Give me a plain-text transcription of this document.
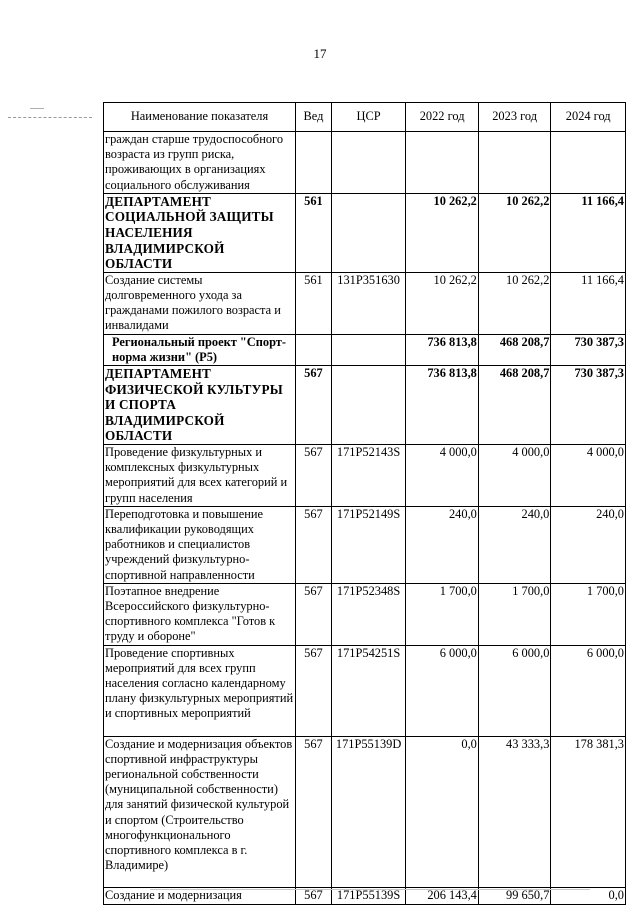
17
Наименование показателя	Вед	ЦСР	2022 год	2023 год	2024 год
граждан старше трудоспособного возраста из групп риска, проживающих в организациях социального обслуживания					
ДЕПАРТАМЕНТ СОЦИАЛЬНОЙ ЗАЩИТЫ НАСЕЛЕНИЯ ВЛАДИМИРСКОЙ ОБЛАСТИ	561		10 262,2	10 262,2	11 166,4
Создание системы долговременного ухода за гражданами пожилого возраста и инвалидами	561	131P351630	10 262,2	10 262,2	11 166,4
Региональный проект "Спорт-норма жизни" (P5)			736 813,8	468 208,7	730 387,3
ДЕПАРТАМЕНТ ФИЗИЧЕСКОЙ КУЛЬТУРЫ И СПОРТА ВЛАДИМИРСКОЙ ОБЛАСТИ	567		736 813,8	468 208,7	730 387,3
Проведение физкультурных и комплексных физкультурных мероприятий для всех категорий и групп населения	567	171P52143S	4 000,0	4 000,0	4 000,0
Переподготовка и повышение квалификации руководящих работников и специалистов учреждений физкультурно-спортивной направленности	567	171P52149S	240,0	240,0	240,0
Поэтапное внедрение Всероссийского физкультурно-спортивного комплекса "Готов к труду и обороне"	567	171P52348S	1 700,0	1 700,0	1 700,0
Проведение спортивных мероприятий для всех групп населения согласно календарному плану физкультурных мероприятий и спортивных мероприятий	567	171P54251S	6 000,0	6 000,0	6 000,0
Создание и модернизация объектов спортивной инфраструктуры региональной собственности (муниципальной собственности) для занятий физической культурой и спортом (Строительство многофункционального спортивного комплекса в г. Владимире)	567	171P55139D	0,0	43 333,3	178 381,3
Создание и модернизация	567	171P55139S	206 143,4	99 650,7	0,0
